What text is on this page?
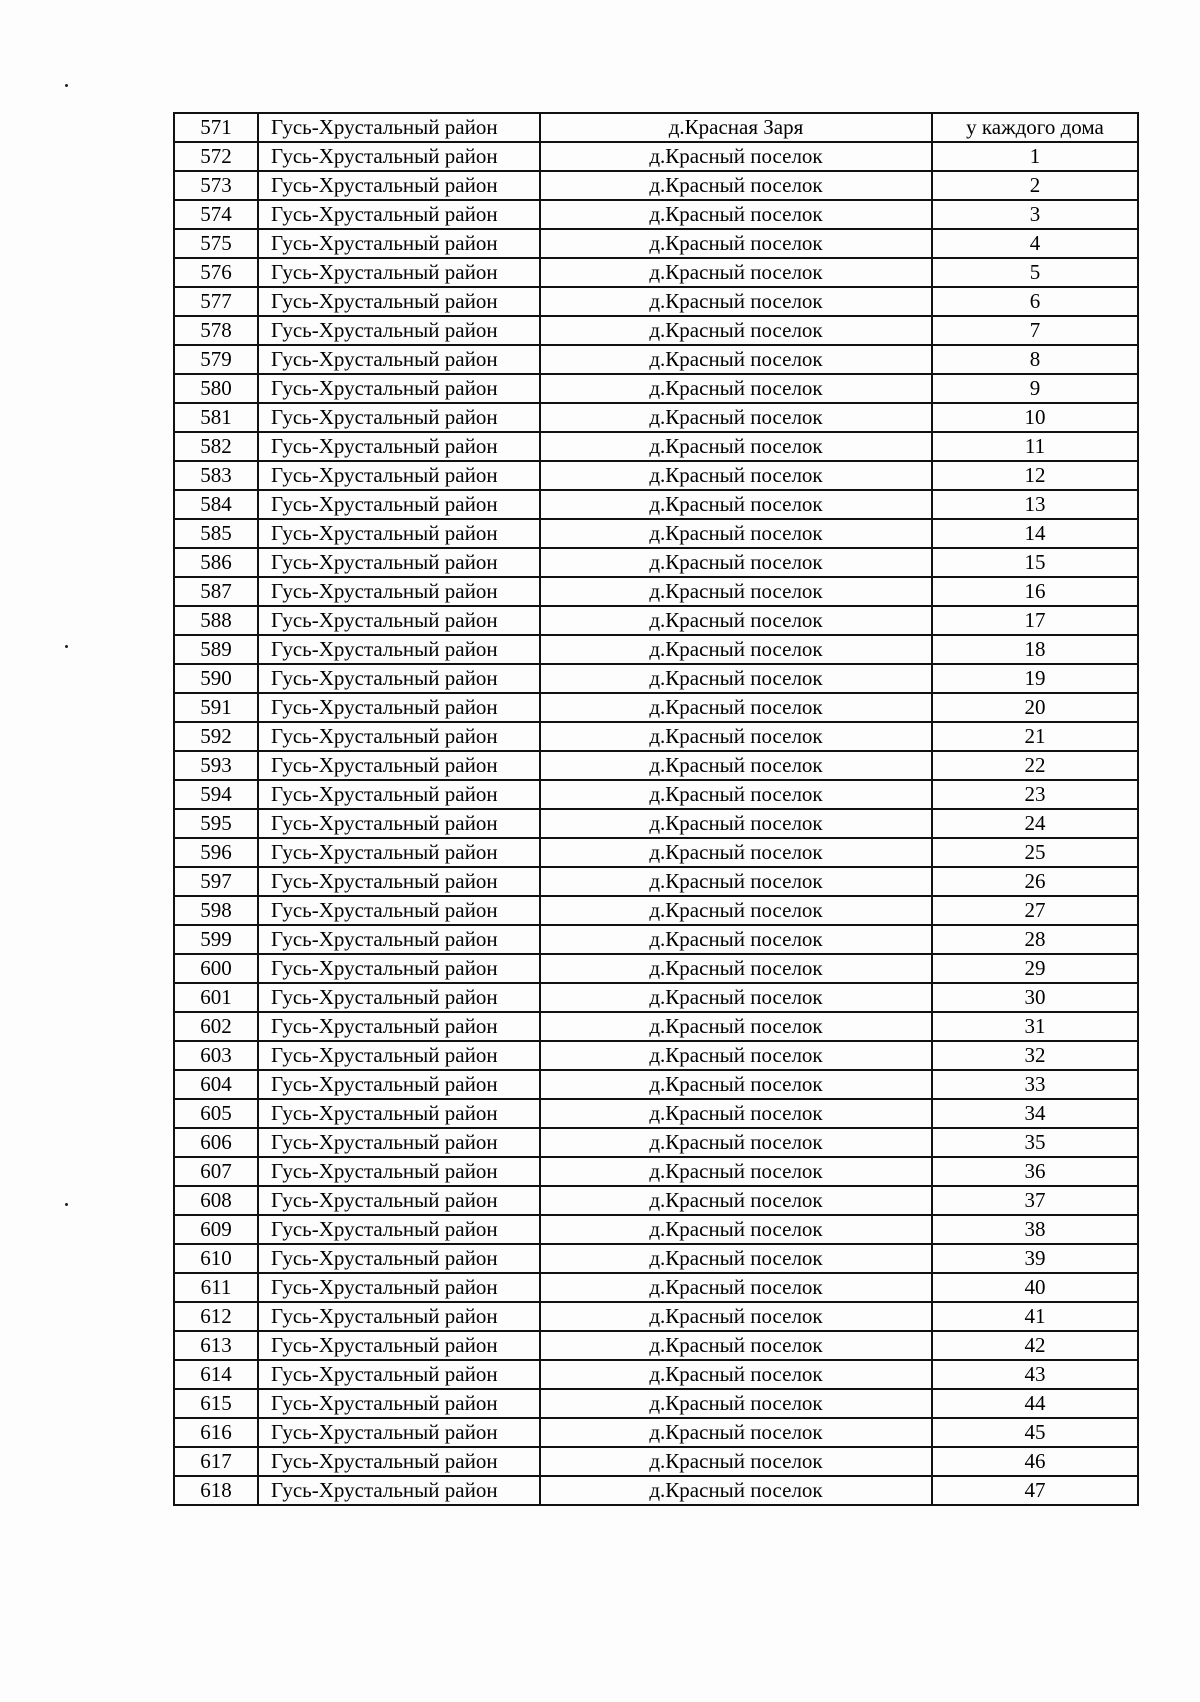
571	Гусь-Хрустальный район	д.Красная Заря	у каждого дома
572	Гусь-Хрустальный район	д.Красный поселок	1
573	Гусь-Хрустальный район	д.Красный поселок	2
574	Гусь-Хрустальный район	д.Красный поселок	3
575	Гусь-Хрустальный район	д.Красный поселок	4
576	Гусь-Хрустальный район	д.Красный поселок	5
577	Гусь-Хрустальный район	д.Красный поселок	6
578	Гусь-Хрустальный район	д.Красный поселок	7
579	Гусь-Хрустальный район	д.Красный поселок	8
580	Гусь-Хрустальный район	д.Красный поселок	9
581	Гусь-Хрустальный район	д.Красный поселок	10
582	Гусь-Хрустальный район	д.Красный поселок	11
583	Гусь-Хрустальный район	д.Красный поселок	12
584	Гусь-Хрустальный район	д.Красный поселок	13
585	Гусь-Хрустальный район	д.Красный поселок	14
586	Гусь-Хрустальный район	д.Красный поселок	15
587	Гусь-Хрустальный район	д.Красный поселок	16
588	Гусь-Хрустальный район	д.Красный поселок	17
589	Гусь-Хрустальный район	д.Красный поселок	18
590	Гусь-Хрустальный район	д.Красный поселок	19
591	Гусь-Хрустальный район	д.Красный поселок	20
592	Гусь-Хрустальный район	д.Красный поселок	21
593	Гусь-Хрустальный район	д.Красный поселок	22
594	Гусь-Хрустальный район	д.Красный поселок	23
595	Гусь-Хрустальный район	д.Красный поселок	24
596	Гусь-Хрустальный район	д.Красный поселок	25
597	Гусь-Хрустальный район	д.Красный поселок	26
598	Гусь-Хрустальный район	д.Красный поселок	27
599	Гусь-Хрустальный район	д.Красный поселок	28
600	Гусь-Хрустальный район	д.Красный поселок	29
601	Гусь-Хрустальный район	д.Красный поселок	30
602	Гусь-Хрустальный район	д.Красный поселок	31
603	Гусь-Хрустальный район	д.Красный поселок	32
604	Гусь-Хрустальный район	д.Красный поселок	33
605	Гусь-Хрустальный район	д.Красный поселок	34
606	Гусь-Хрустальный район	д.Красный поселок	35
607	Гусь-Хрустальный район	д.Красный поселок	36
608	Гусь-Хрустальный район	д.Красный поселок	37
609	Гусь-Хрустальный район	д.Красный поселок	38
610	Гусь-Хрустальный район	д.Красный поселок	39
611	Гусь-Хрустальный район	д.Красный поселок	40
612	Гусь-Хрустальный район	д.Красный поселок	41
613	Гусь-Хрустальный район	д.Красный поселок	42
614	Гусь-Хрустальный район	д.Красный поселок	43
615	Гусь-Хрустальный район	д.Красный поселок	44
616	Гусь-Хрустальный район	д.Красный поселок	45
617	Гусь-Хрустальный район	д.Красный поселок	46
618	Гусь-Хрустальный район	д.Красный поселок	47
